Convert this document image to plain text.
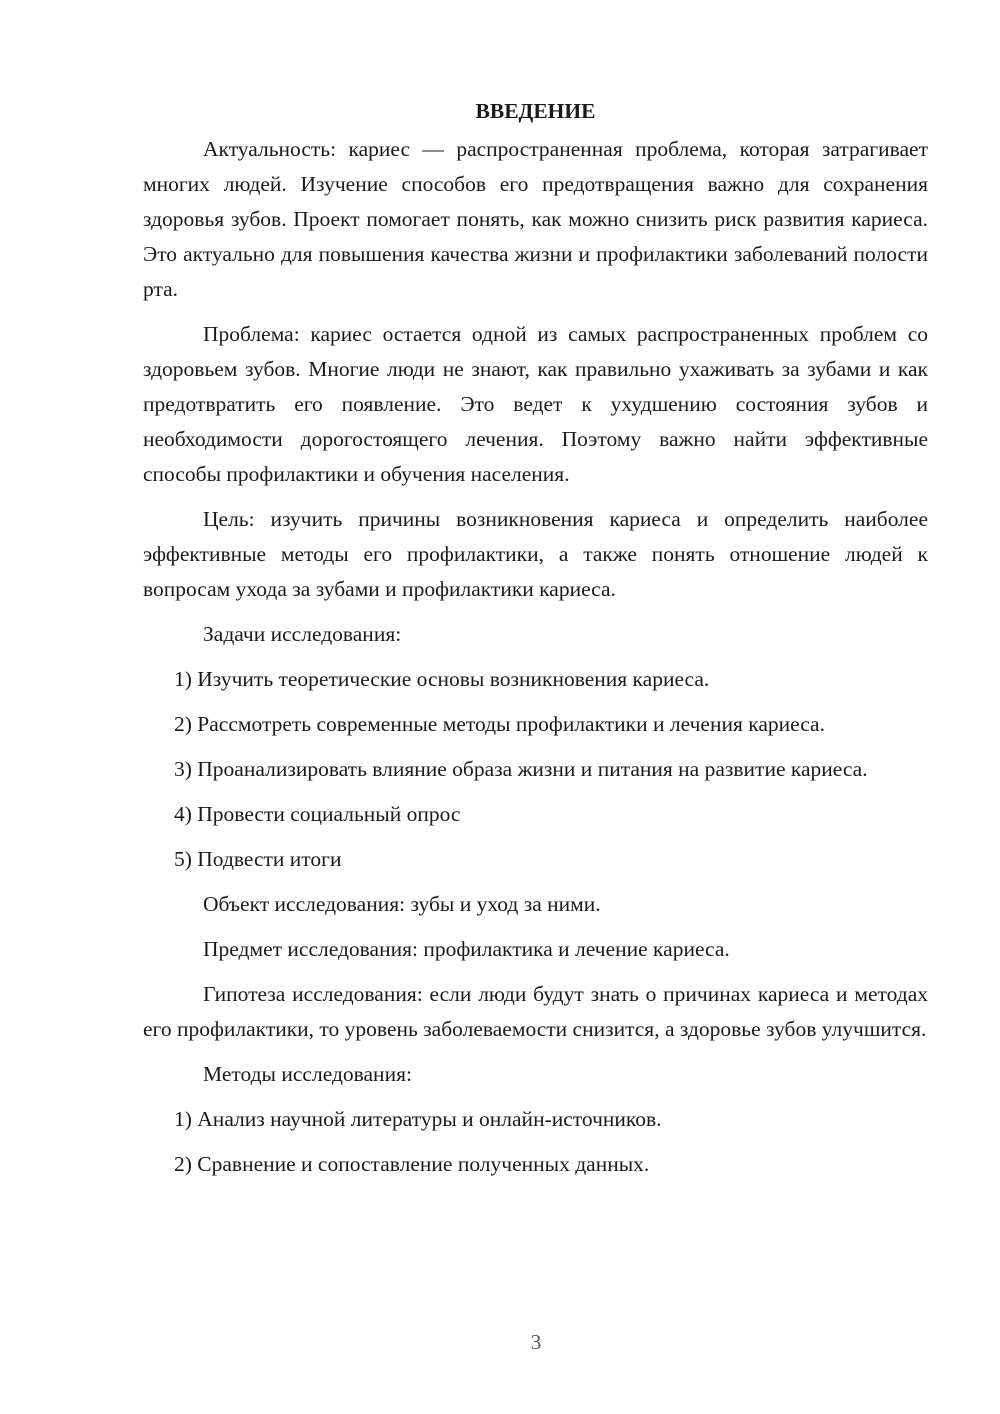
ВВЕДЕНИЕ

Актуальность: кариес — распространенная проблема, которая затрагивает многих людей. Изучение способов его предотвращения важно для сохранения здоровья зубов. Проект помогает понять, как можно снизить риск развития кариеса. Это актуально для повышения качества жизни и профилактики заболеваний полости рта.

Проблема: кариес остается одной из самых распространенных проблем со здоровьем зубов. Многие люди не знают, как правильно ухаживать за зубами и как предотвратить его появление. Это ведет к ухудшению состояния зубов и необходимости дорогостоящего лечения. Поэтому важно найти эффективные способы профилактики и обучения населения.

Цель: изучить причины возникновения кариеса и определить наиболее эффективные методы его профилактики, а также понять отношение людей к вопросам ухода за зубами и профилактики кариеса.

Задачи исследования:

1) Изучить теоретические основы возникновения кариеса.

2) Рассмотреть современные методы профилактики и лечения кариеса.

3) Проанализировать влияние образа жизни и питания на развитие кариеса.

4) Провести социальный опрос

5) Подвести итоги

Объект исследования: зубы и уход за ними.

Предмет исследования: профилактика и лечение кариеса.

Гипотеза исследования: если люди будут знать о причинах кариеса и методах его профилактики, то уровень заболеваемости снизится, а здоровье зубов улучшится.

Методы исследования:

1) Анализ научной литературы и онлайн-источников.

2) Сравнение и сопоставление полученных данных.

3
